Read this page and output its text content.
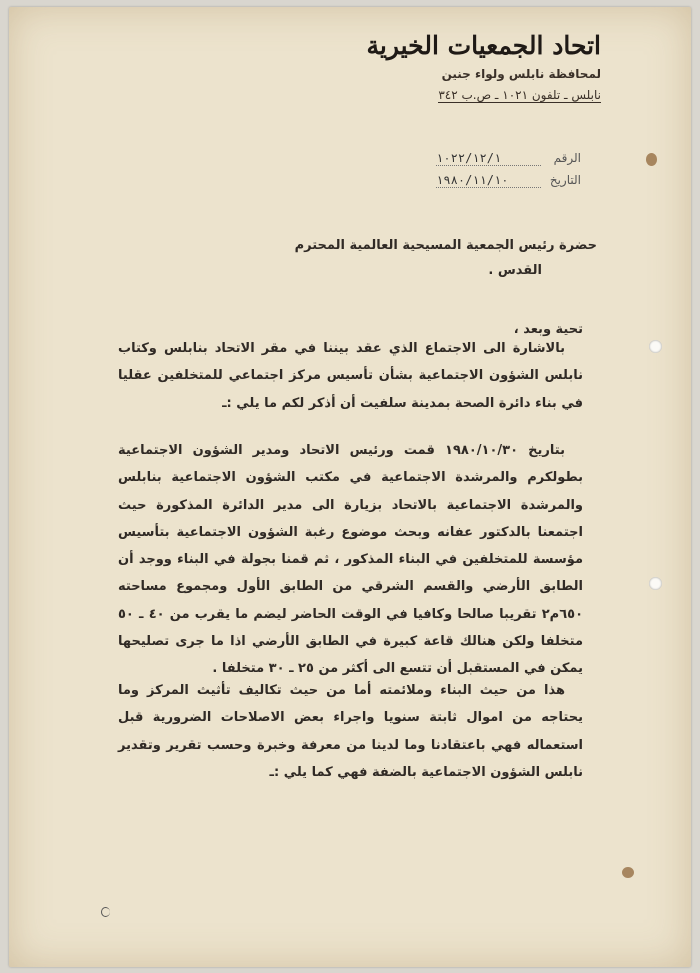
اتحاد الجمعيات الخيرية
لمحافظة نابلس ولواء جنين
نابلس ـ تلفون ١٠٢١ ـ ص.ب ٣٤٢
الرقم ١٠٢٢/١٢/١
التاريخ ١٩٨٠/١١/١٠
حضرة رئيس الجمعية المسيحية العالمية المحترم
القدس .
تحية وبعد ،

بالاشارة الى الاجتماع الذي عقد بيننا في مقر الاتحاد بنابلس وكتاب نابلس الشؤون الاجتماعية بشأن تأسيس مركز اجتماعي للمتخلفين عقليا في بناء دائرة الصحة بمدينة سلفيت أن أذكر لكم ما يلي :ـ

بتاريخ ١٩٨٠/١٠/٣٠ قمت ورئيس الاتحاد ومدير الشؤون الاجتماعية بطولكرم والمرشدة الاجتماعية في مكتب الشؤون الاجتماعية بنابلس والمرشدة الاجتماعية بالاتحاد بزيارة الى مدير الدائرة المذكورة حيث اجتمعنا بالدكتور عفانه وبحث موضوع رغبة الشؤون الاجتماعية بتأسيس مؤسسة للمتخلفين في البناء المذكور ، ثم قمنا بجولة في البناء ووجد أن الطابق الأرضي والقسم الشرقي من الطابق الأول ومجموع مساحته ٦٥٠م٢ تقريبا صالحا وكافيا في الوقت الحاضر ليضم ما يقرب من ٤٠ ـ ٥٠ متخلفا ولكن هنالك قاعة كبيرة في الطابق الأرضي اذا ما جرى تصليحها يمكن في المستقبل أن تتسع الى أكثر من ٢٥ ـ ٣٠ متخلفا .

هذا من حيث البناء وملائمته أما من حيث تكاليف تأثيث المركز وما يحتاجه من اموال ثابتة سنويا واجراء بعض الاصلاحات الضرورية قبل استعماله فهي باعتقادنا وما لدينا من معرفة وخبرة وحسب تقرير وتقدير نابلس الشؤون الاجتماعية بالضفة فهي كما يلي :ـ
